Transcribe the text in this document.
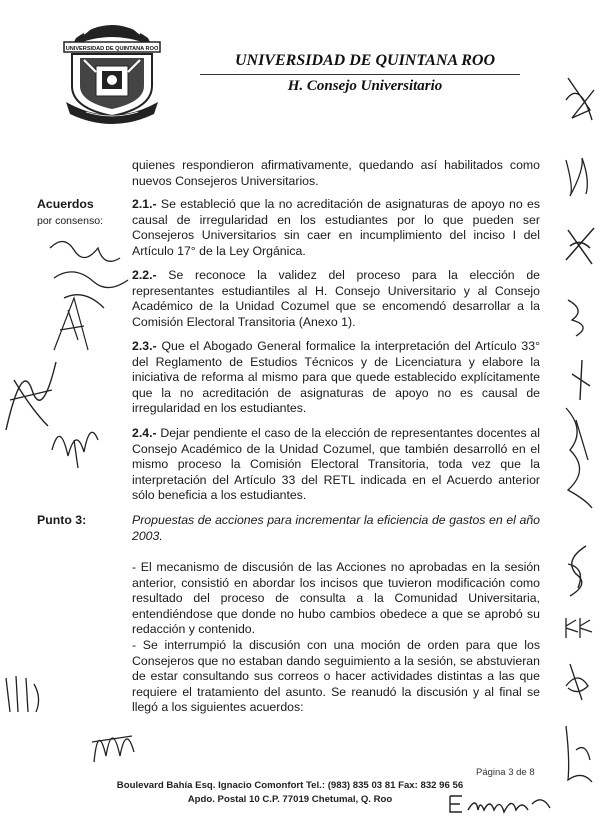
UNIVERSIDAD DE QUINTANA ROO
UNIVERSIDAD DE QUINTANA ROO
H. Consejo Universitario
quienes respondieron afirmativamente, quedando así habilitados como nuevos Consejeros Universitarios.
Acuerdos
por consenso:
2.1.- Se estableció que la no acreditación de asignaturas de apoyo no es causal de irregularidad en los estudiantes por lo que pueden ser Consejeros Universitarios sin caer en incumplimiento del inciso I del Artículo 17° de la Ley Orgánica.
2.2.- Se reconoce la validez del proceso para la elección de representantes estudiantiles al H. Consejo Universitario y al Consejo Académico de la Unidad Cozumel que se encomendó desarrollar a la Comisión Electoral Transitoria (Anexo 1).
2.3.- Que el Abogado General formalice la interpretación del Artículo 33° del Reglamento de Estudios Técnicos y de Licenciatura y elabore la iniciativa de reforma al mismo para que quede establecido explícitamente que la no acreditación de asignaturas de apoyo no es causal de irregularidad en los estudiantes.
2.4.- Dejar pendiente el caso de la elección de representantes docentes al Consejo Académico de la Unidad Cozumel, que también desarrolló en el mismo proceso la Comisión Electoral Transitoria, toda vez que la interpretación del Artículo 33 del RETL indicada en el Acuerdo anterior sólo beneficia a los estudiantes.
Punto 3:	Propuestas de acciones para incrementar la eficiencia de gastos en el año 2003.
- El mecanismo de discusión de las Acciones no aprobadas en la sesión anterior, consistió en abordar los incisos que tuvieron modificación como resultado del proceso de consulta a la Comunidad Universitaria, entendiéndose que donde no hubo cambios obedece a que se aprobó su redacción y contenido.
- Se interrumpió la discusión con una moción de orden para que los Consejeros que no estaban dando seguimiento a la sesión, se abstuvieran de estar consultando sus correos o hacer actividades distintas a las que requiere el tratamiento del asunto. Se reanudó la discusión y al final se llegó a los siguientes acuerdos:
Página 3 de 8
Boulevard Bahía Esq. Ignacio Comonfort Tel.: (983) 835 03 81 Fax: 832 96 56
Apdo. Postal 10 C.P. 77019 Chetumal, Q. Roo
